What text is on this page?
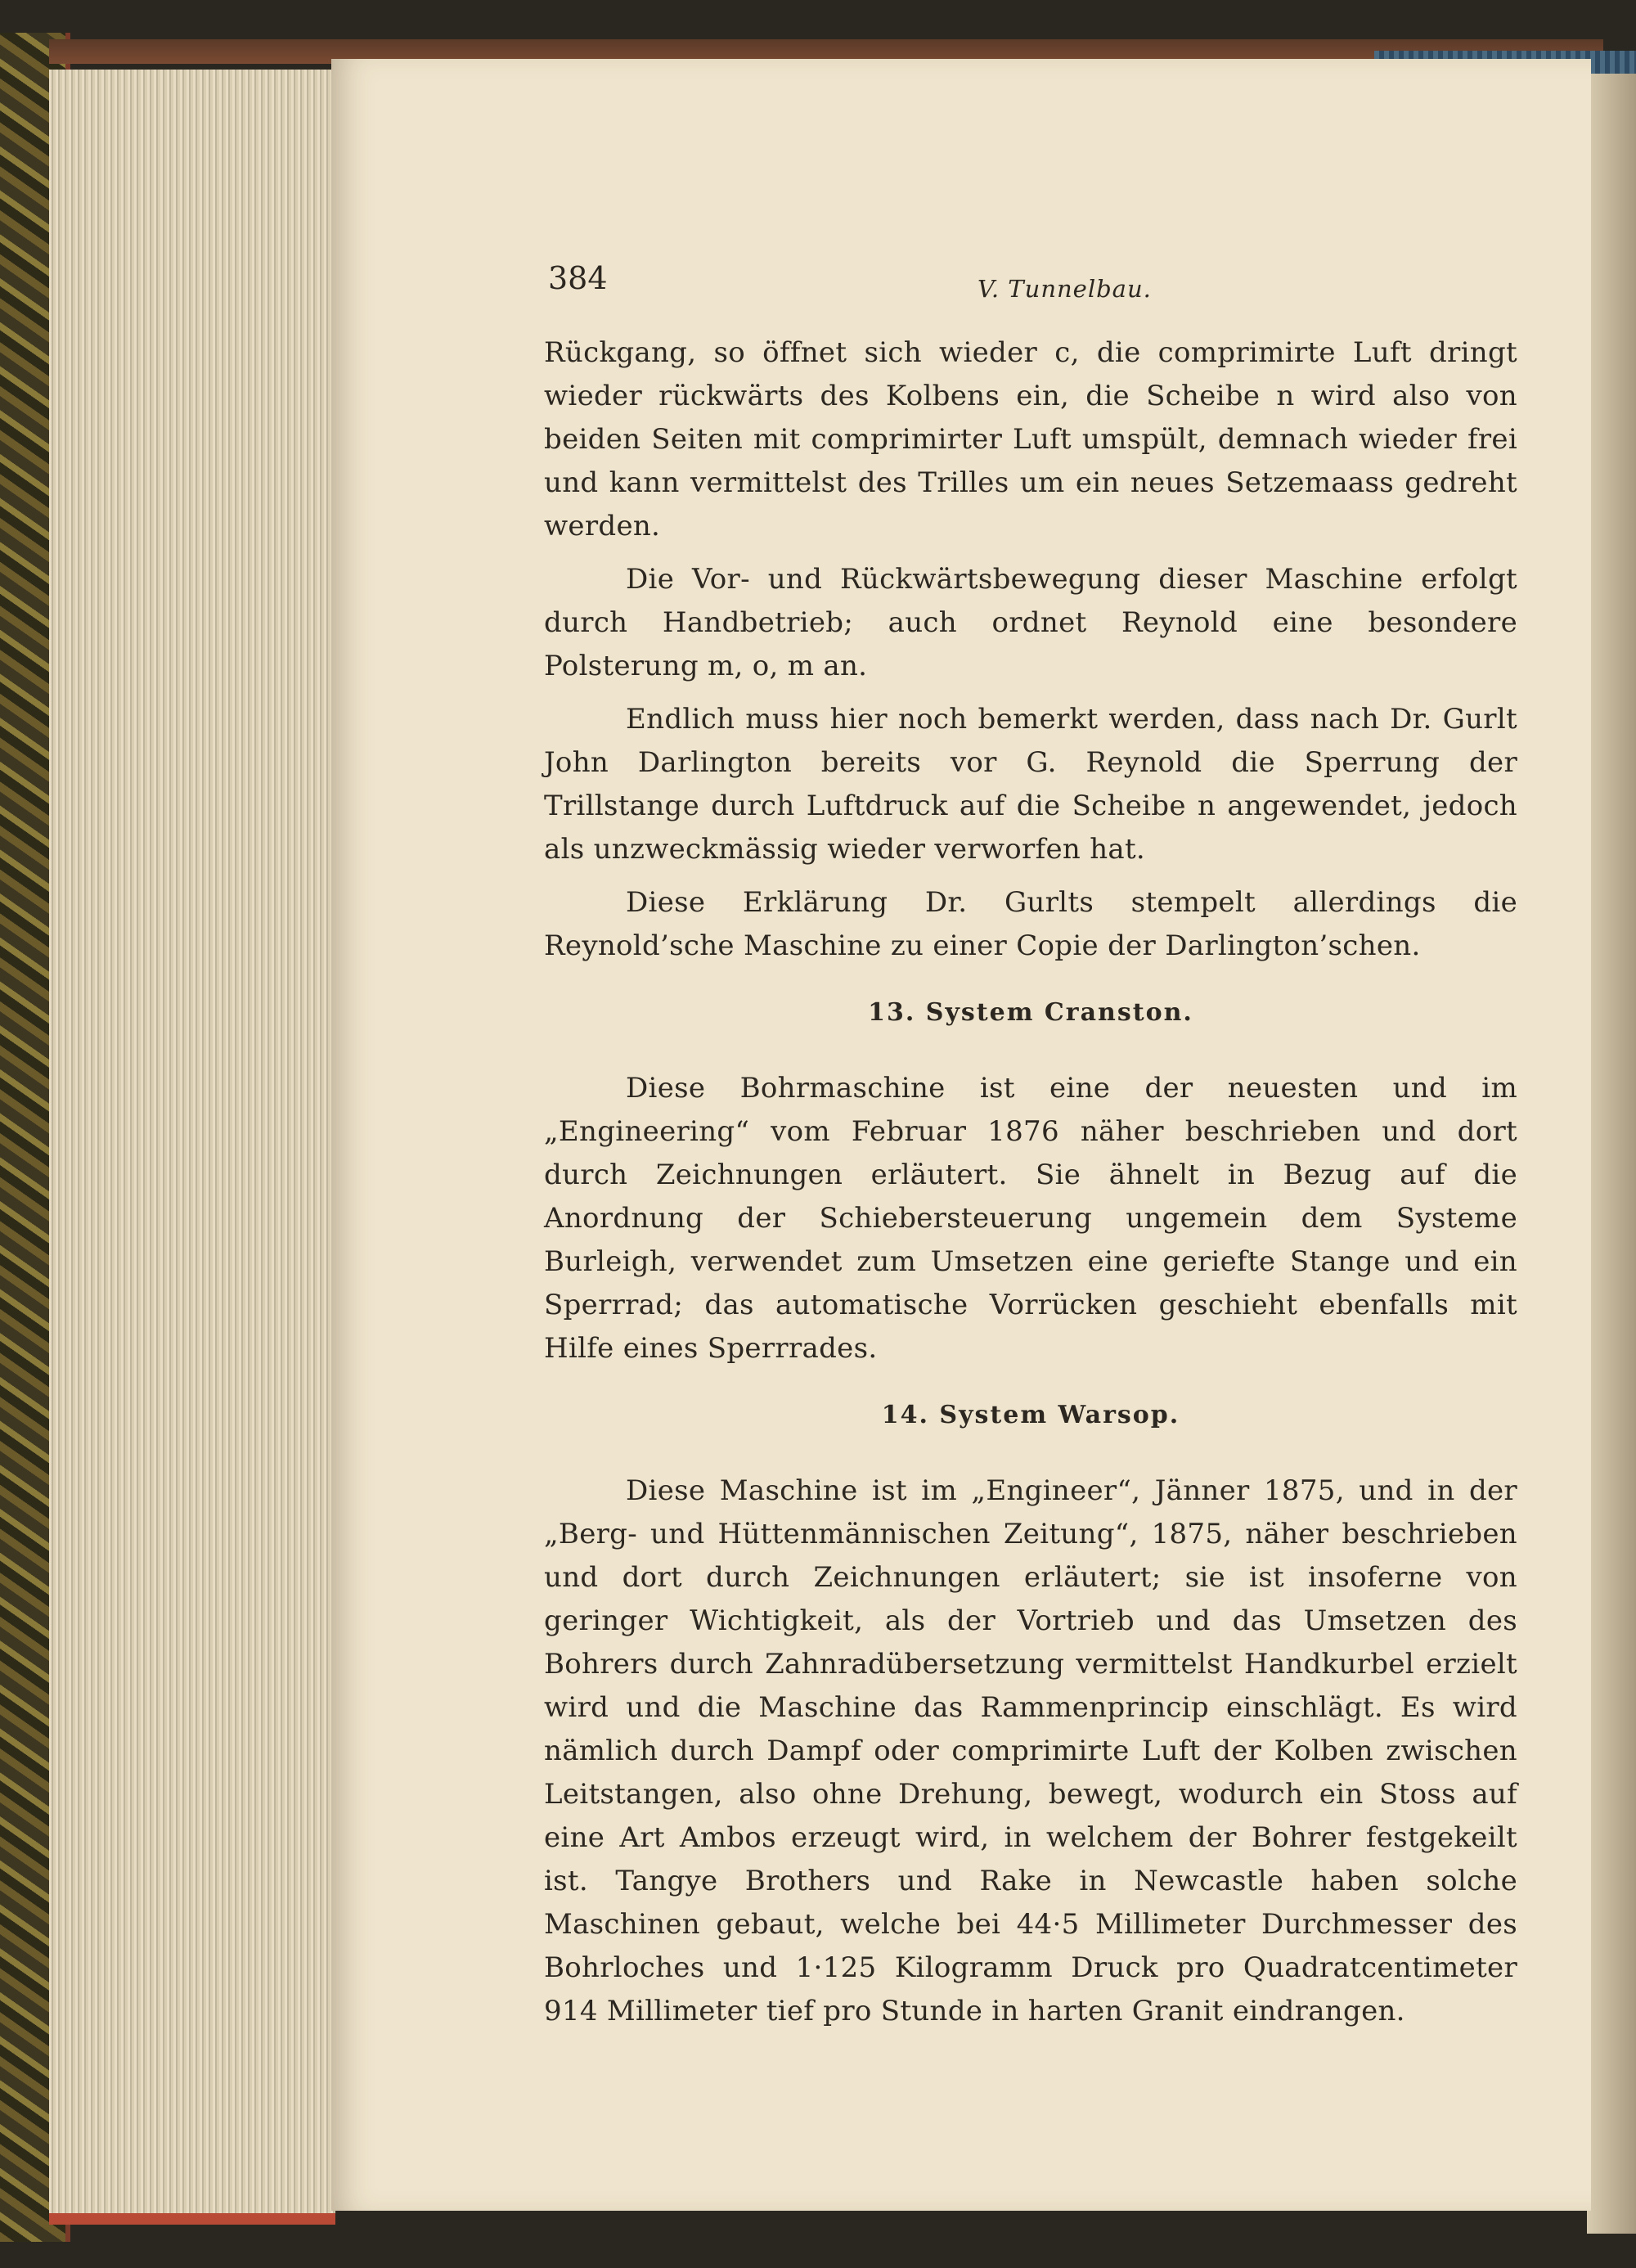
384	V. Tunnelbau.

Rückgang, so öffnet sich wieder c, die comprimirte Luft dringt wieder rückwärts des Kolbens ein, die Scheibe n wird also von beiden Seiten mit comprimirter Luft umspült, demnach wieder frei und kann vermittelst des Trilles um ein neues Setzemaass gedreht werden.

Die Vor- und Rückwärtsbewegung dieser Maschine erfolgt durch Handbetrieb; auch ordnet Reynold eine besondere Polsterung m, o, m an.

Endlich muss hier noch bemerkt werden, dass nach Dr. Gurlt John Darlington bereits vor G. Reynold die Sperrung der Trillstange durch Luftdruck auf die Scheibe n angewendet, jedoch als unzweckmässig wieder verworfen hat.

Diese Erklärung Dr. Gurlts stempelt allerdings die Reynold’sche Maschine zu einer Copie der Darlington’schen.

13. System Cranston.

Diese Bohrmaschine ist eine der neuesten und im „Engineering“ vom Februar 1876 näher beschrieben und dort durch Zeichnungen erläutert. Sie ähnelt in Bezug auf die Anordnung der Schiebersteuerung ungemein dem Systeme Burleigh, verwendet zum Umsetzen eine geriefte Stange und ein Sperrrad; das automatische Vorrücken geschieht ebenfalls mit Hilfe eines Sperrrades.

14. System Warsop.

Diese Maschine ist im „Engineer“, Jänner 1875, und in der „Berg- und Hüttenmännischen Zeitung“, 1875, näher beschrieben und dort durch Zeichnungen erläutert; sie ist insoferne von geringer Wichtigkeit, als der Vortrieb und das Umsetzen des Bohrers durch Zahnradübersetzung vermittelst Handkurbel erzielt wird und die Maschine das Rammenprincip einschlägt. Es wird nämlich durch Dampf oder comprimirte Luft der Kolben zwischen Leitstangen, also ohne Drehung, bewegt, wodurch ein Stoss auf eine Art Ambos erzeugt wird, in welchem der Bohrer festgekeilt ist. Tangye Brothers und Rake in Newcastle haben solche Maschinen gebaut, welche bei 44·5 Millimeter Durchmesser des Bohrloches und 1·125 Kilogramm Druck pro Quadratcentimeter 914 Millimeter tief pro Stunde in harten Granit eindrangen.
